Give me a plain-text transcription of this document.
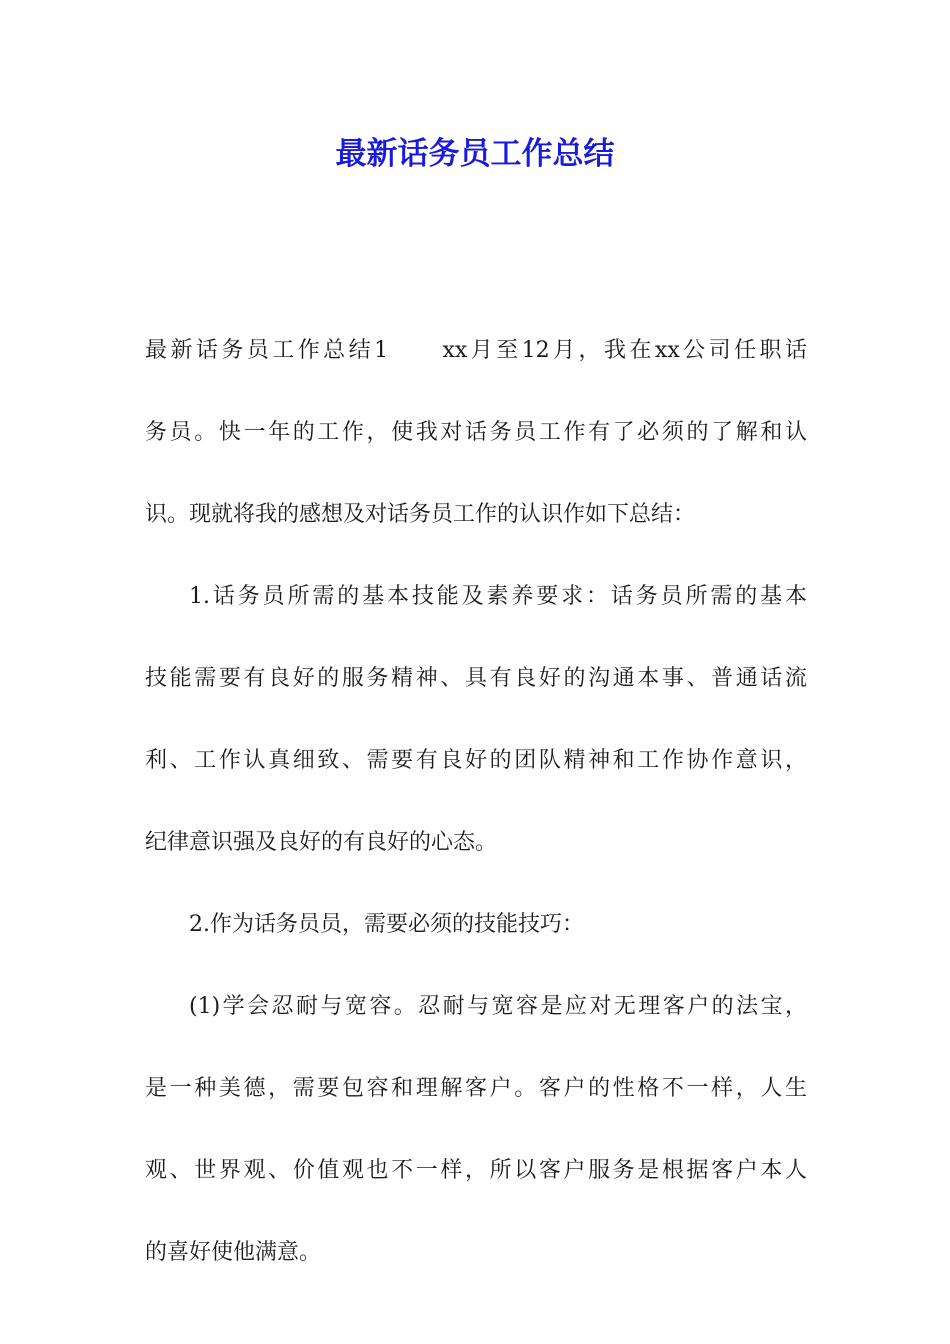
最新话务员工作总结
最新话务员工作总结1　　xx月至12月，我在xx公司任职话
务员。快一年的工作，使我对话务员工作有了必须的了解和认
识。现就将我的感想及对话务员工作的认识作如下总结：
1.话务员所需的基本技能及素养要求：话务员所需的基本
技能需要有良好的服务精神、具有良好的沟通本事、普通话流
利、工作认真细致、需要有良好的团队精神和工作协作意识，
纪律意识强及良好的有良好的心态。
2.作为话务员员，需要必须的技能技巧：
(1)学会忍耐与宽容。忍耐与宽容是应对无理客户的法宝，
是一种美德，需要包容和理解客户。客户的性格不一样，人生
观、世界观、价值观也不一样，所以客户服务是根据客户本人
的喜好使他满意。
